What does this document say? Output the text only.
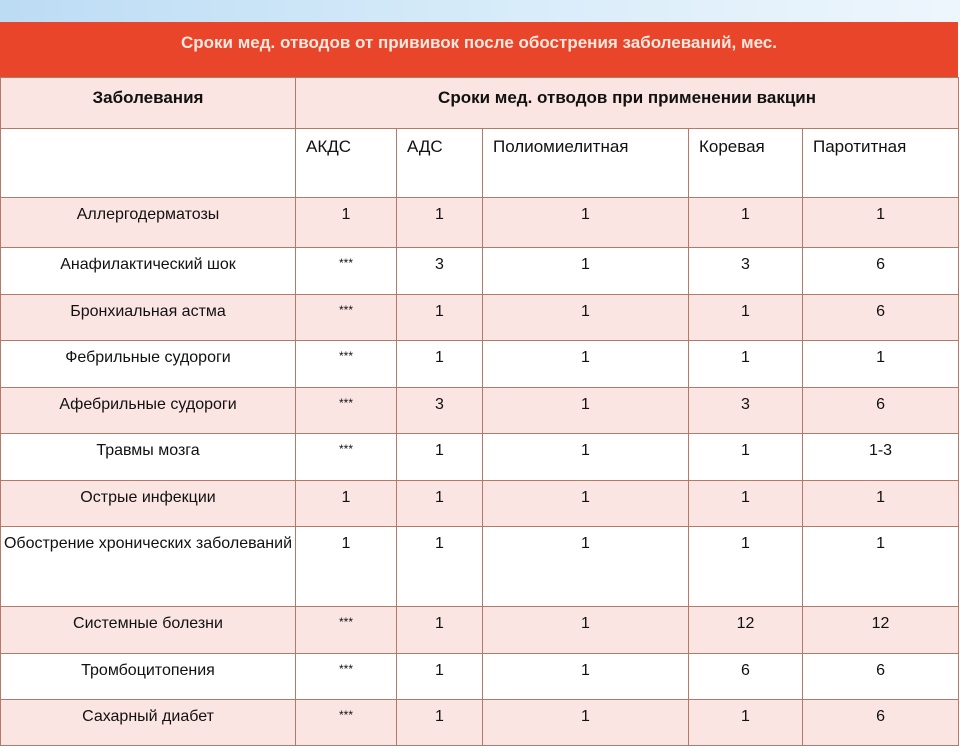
Сроки мед. отводов от прививок после обострения заболеваний, мес.
Заболевания	Сроки мед. отводов при применении вакцин				
	АКДС	АДС	Полиомиелитная	Коревая	Паротитная
Аллергодерматозы	1	1	1	1	1
Анафилактический шок	***	3	1	3	6
Бронхиальная астма	***	1	1	1	6
Фебрильные судороги	***	1	1	1	1
Афебрильные судороги	***	3	1	3	6
Травмы мозга	***	1	1	1	1-3
Острые инфекции	1	1	1	1	1
Обострение хронических заболеваний	1	1	1	1	1
Системные болезни	***	1	1	12	12
Тромбоцитопения	***	1	1	6	6
Сахарный диабет	***	1	1	1	6
